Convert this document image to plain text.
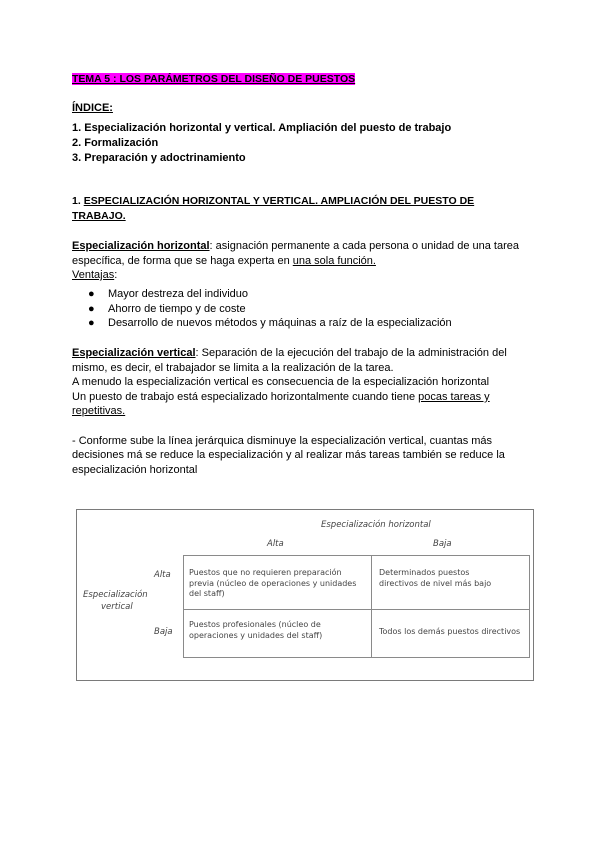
TEMA 5 : LOS PARÁMETROS DEL DISEÑO DE PUESTOS
ÍNDICE:
1. Especialización horizontal y vertical. Ampliación del puesto de trabajo
2. Formalización
3. Preparación y adoctrinamiento
1. ESPECIALIZACIÓN HORIZONTAL Y VERTICAL. AMPLIACIÓN DEL PUESTO DE
TRABAJO.
Especialización horizontal: asignación permanente a cada persona o unidad de una tarea
específica, de forma que se haga experta en una sola función.
Ventajas:
● Mayor destreza del individuo
● Ahorro de tiempo y de coste
● Desarrollo de nuevos métodos y máquinas a raíz de la especialización
Especialización vertical: Separación de la ejecución del trabajo de la administración del
mismo, es decir, el trabajador se limita a la realización de la tarea.
A menudo la especialización vertical es consecuencia de la especialización horizontal
Un puesto de trabajo está especializado horizontalmente cuando tiene pocas tareas y
repetitivas.
- Conforme sube la línea jerárquica disminuye la especialización vertical, cuantas más
decisiones má se reduce la especialización y al realizar más tareas también se reduce la
especialización horizontal
Especialización horizontal
Alta	Baja
Especialización
vertical
Alta
Baja
Puestos que no requieren preparación
previa (núcleo de operaciones y unidades
del staff)
Determinados puestos
directivos de nivel más bajo
Puestos profesionales (núcleo de
operaciones y unidades del staff)	Todos los demás puestos directivos
